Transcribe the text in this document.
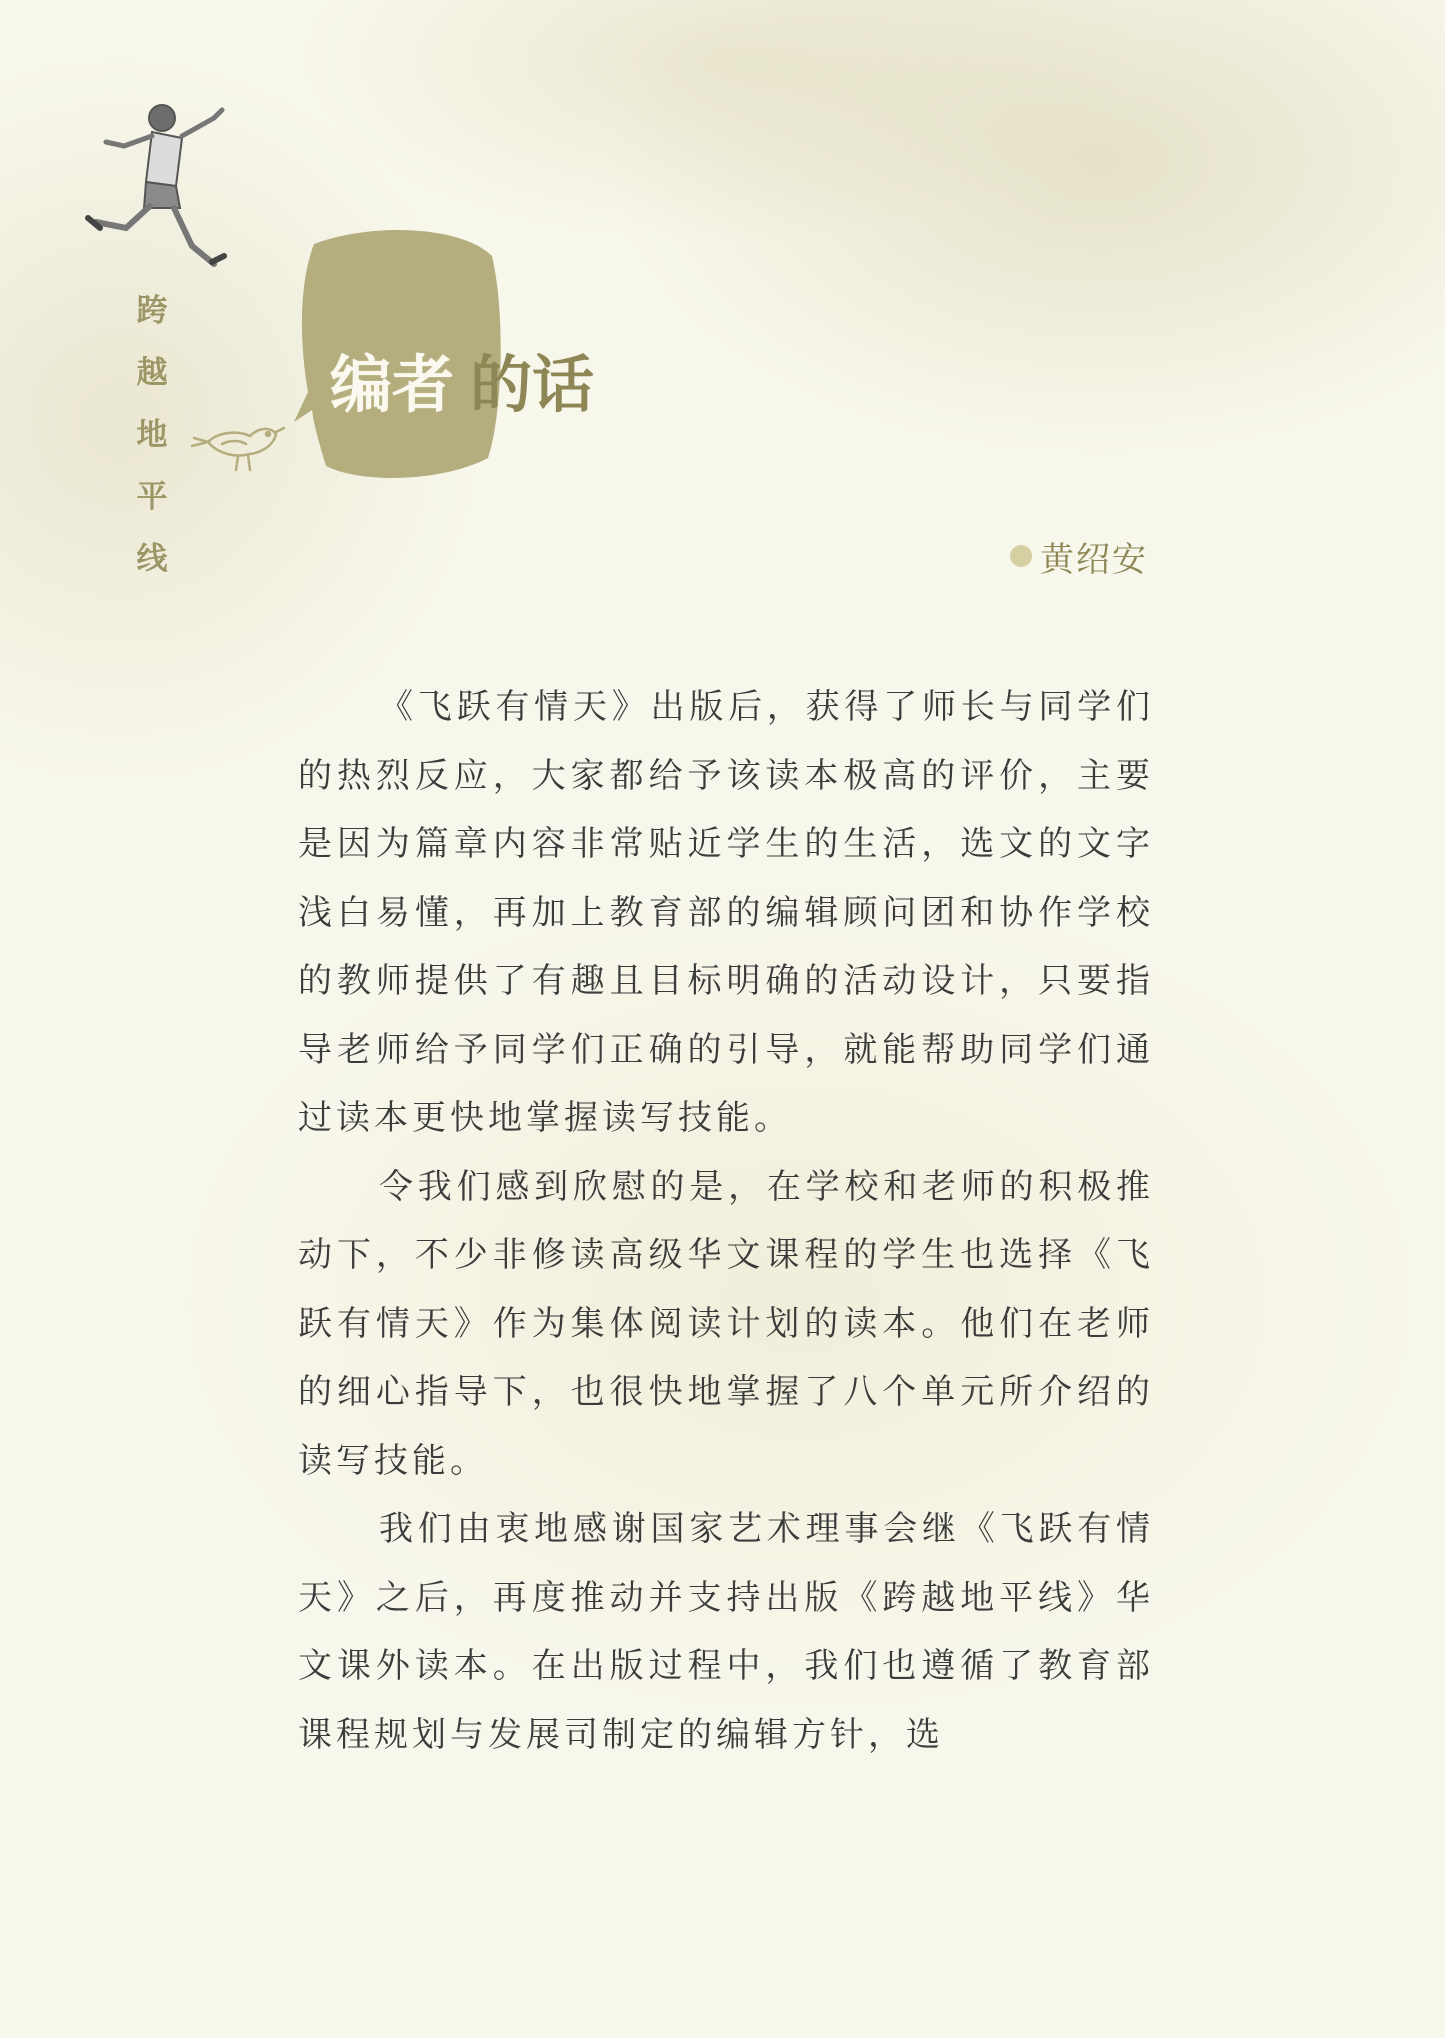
跨
越
地
平
线
编者 的话
黄绍安

《飞跃有情天》出版后，获得了师长与同学们的热烈反应，大家都给予该读本极高的评价，主要是因为篇章内容非常贴近学生的生活，选文的文字浅白易懂，再加上教育部的编辑顾问团和协作学校的教师提供了有趣且目标明确的活动设计，只要指导老师给予同学们正确的引导，就能帮助同学们通过读本更快地掌握读写技能。

令我们感到欣慰的是，在学校和老师的积极推动下，不少非修读高级华文课程的学生也选择《飞跃有情天》作为集体阅读计划的读本。他们在老师的细心指导下，也很快地掌握了八个单元所介绍的读写技能。

我们由衷地感谢国家艺术理事会继《飞跃有情天》之后，再度推动并支持出版《跨越地平线》华文课外读本。在出版过程中，我们也遵循了教育部课程规划与发展司制定的编辑方针，选
